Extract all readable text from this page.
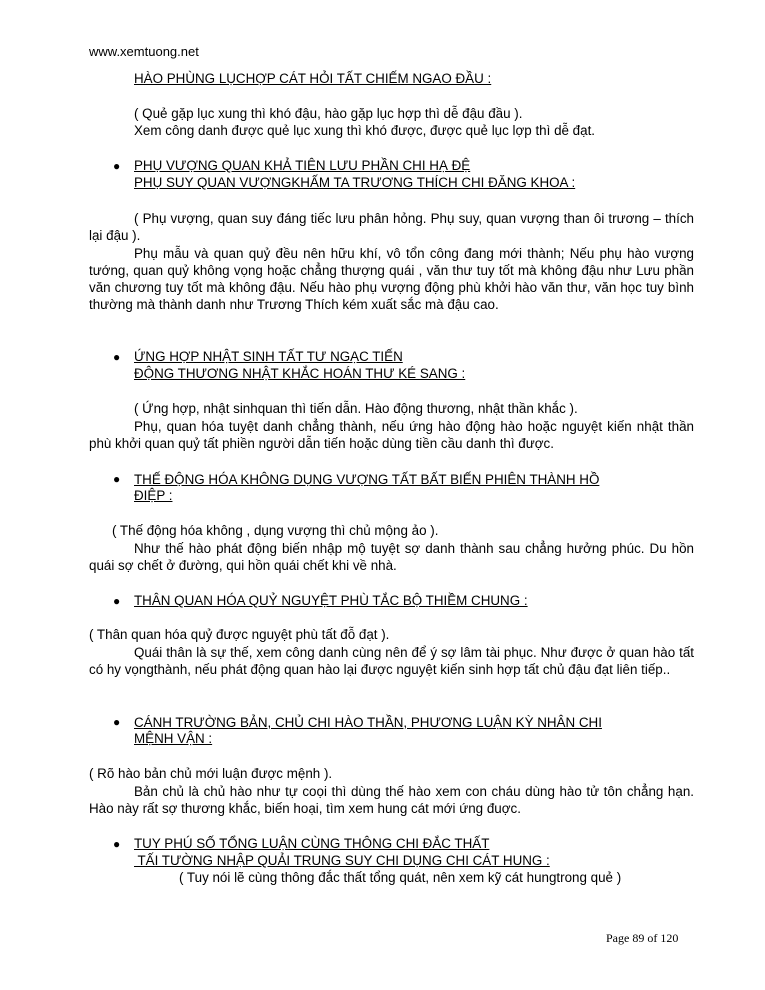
www.xemtuong.net
HÀO PHÙNG LỤCHỢP CÁT HỎI TẤT CHIẾM NGAO ĐẦU :
( Quẻ gặp lục xung thì khó đậu, hào gặp lục hợp thì dễ đậu đầu ).
Xem công danh được quẻ lục xung thì khó được, được quẻ lục lợp thì dễ đạt.
● PHỤ VƯỢNG QUAN KHẢ TIÊN LƯU PHẦN CHI HẠ ĐỆ
PHỤ SUY QUAN VƯỢNGKHẤM TA TRƯƠNG THÍCH CHI ĐĂNG KHOA :
( Phụ vượng, quan suy đáng tiếc lưu phân hỏng. Phụ suy, quan vượng than ôi trương – thích lại đậu ).
Phụ mẫu và quan quỷ đều nên hữu khí, vô tổn công đang mới thành; Nếu phụ hào vượng tướng, quan quỷ không vọng hoặc chẳng thượng quái , văn thư tuy tốt mà không đậu như Lưu phần văn chương tuy tốt mà không đậu. Nếu hào phụ vượng động phù khởi hào văn thư, văn học tuy bình thường mà thành danh như Trương Thích kém xuất sắc mà đậu cao.
● ỨNG HỢP NHẬT SINH TẤT TƯ NGẠC TIẾN
ĐỘNG THƯƠNG NHẬT KHẮC HOÁN THƯ KÉ SANG :
( Ứng hợp, nhật sinhquan thì tiến dẫn. Hào động thương, nhật thần khắc ).
Phụ, quan hóa tuyệt danh chẳng thành, nếu ứng hào động hào hoặc nguyệt kiến nhật thần phù khởi quan quỷ tất phiền người dẫn tiến hoặc dùng tiền cầu danh thì được.
● THẾ ĐỘNG HÓA KHÔNG DỤNG VƯỢNG TẤT BẤT BIẾN PHIÊN THÀNH HỒ
ĐIỆP :
( Thế động hóa không , dụng vượng thì chủ mộng ảo ).
Như thế hào phát động biến nhập mộ tuyệt sợ danh thành sau chẳng hưởng phúc. Du hồn quái sợ chết ở đường, qui hồn quái chết khi về nhà.
● THÂN QUAN HÓA QUỶ NGUYỆT PHÙ TẮC BỘ THIỀM CHUNG :
( Thân quan hóa quỷ được nguyệt phù tất đỗ đạt ).
Quái thân là sự thế, xem công danh cùng nên để ý sợ lâm tài phục. Như được ở quan hào tất có hy vọngthành, nếu phát động quan hào lại được nguyệt kiến sinh hợp tất chủ đậu đạt liên tiếp..
● CÁNH TRƯỜNG BẢN, CHỦ CHI HÀO THẦN, PHƯƠNG LUẬN KỲ NHÂN CHI
MỆNH VẬN :
( Rõ hào bản chủ mới luận được mệnh ).
Bản chủ là chủ hào như tự coọi thì dùng thế hào xem con cháu dùng hào tử tôn chẳng hạn. Hào này rất sợ thương khắc, biến hoại, tìm xem hung cát mới ứng đuợc.
● TUY PHÚ SỐ TỔNG LUẬN CÙNG THÔNG CHI ĐẮC THẤT
TẤI TƯỜNG NHẬP QUẢI TRUNG SUY CHI DỤNG CHI CÁT HUNG :
( Tuy nói lẽ cùng thông đắc thất tổng quát, nên xem kỹ cát hungtrong quẻ )
Page 89 of 120
